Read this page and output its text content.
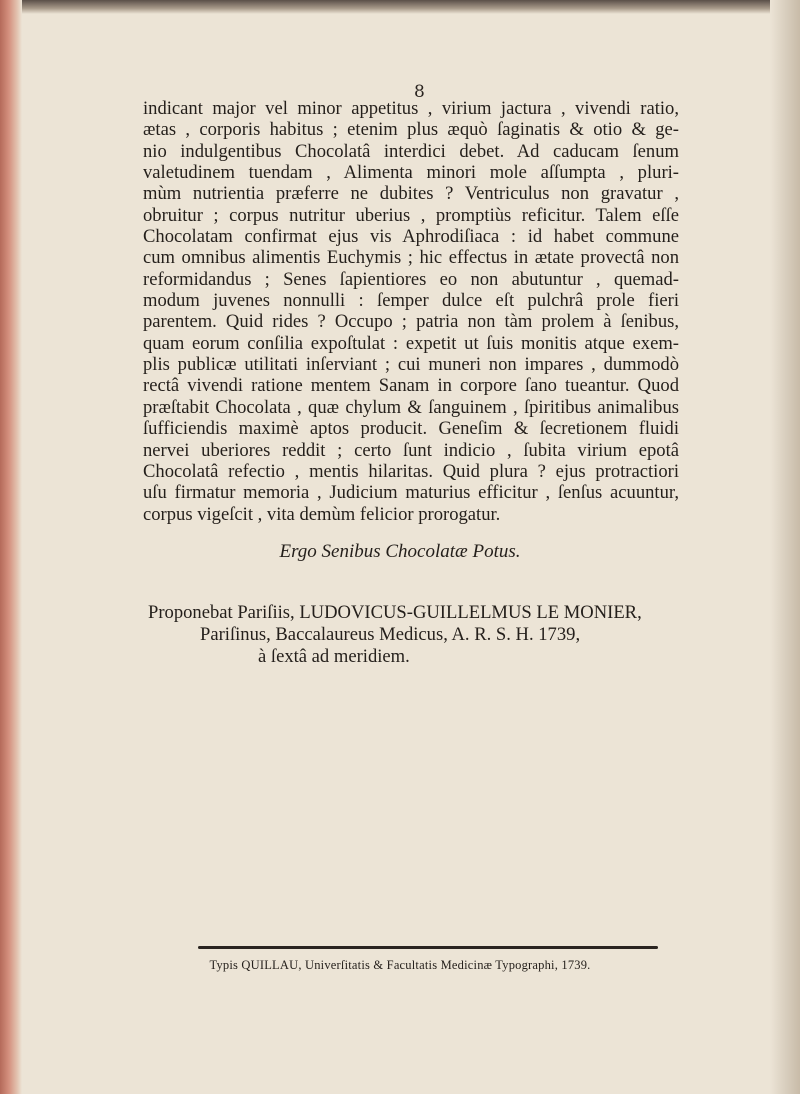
8
indicant major vel minor appetitus , virium jactura , vivendi ratio,
ætas , corporis habitus ; etenim plus æquò ſaginatis & otio & ge-
nio indulgentibus Chocolatâ interdici debet. Ad caducam ſenum
valetudinem tuendam , Alimenta minori mole aſſumpta , pluri-
mùm nutrientia præferre ne dubites ? Ventriculus non gravatur ,
obruitur ; corpus nutritur uberius , promptiùs reficitur. Talem eſſe
Chocolatam confirmat ejus vis Aphrodiſiaca : id habet commune
cum omnibus alimentis Euchymis ; hic effectus in ætate provectâ non
reformidandus ; Senes ſapientiores eo non abutuntur , quemad-
modum juvenes nonnulli : ſemper dulce eſt pulchrâ prole fieri
parentem. Quid rides ? Occupo ; patria non tàm prolem à ſenibus,
quam eorum conſilia expoſtulat : expetit ut ſuis monitis atque exem-
plis publicæ utilitati inſerviant ; cui muneri non impares , dummodò
rectâ vivendi ratione mentem Sanam in corpore ſano tueantur. Quod
præſtabit Chocolata , quæ chylum & ſanguinem , ſpiritibus animalibus
ſufficiendis maximè aptos producit. Geneſim & ſecretionem fluidi
nervei uberiores reddit ; certo ſunt indicio , ſubita virium epotâ
Chocolatâ refectio , mentis hilaritas. Quid plura ? ejus protractiori
uſu firmatur memoria , Judicium maturius efficitur , ſenſus acuuntur,
corpus vigeſcit , vita demùm felicior prorogatur.
Ergo Senibus Chocolatæ Potus.
Proponebat Pariſiis, LUDOVICUS-GUILLELMUS LE MONIER,
Pariſinus, Baccalaureus Medicus, A. R. S. H. 1739,
à ſextâ ad meridiem.
Typis QUILLAU, Univerſitatis & Facultatis Medicinæ Typographi, 1739.
